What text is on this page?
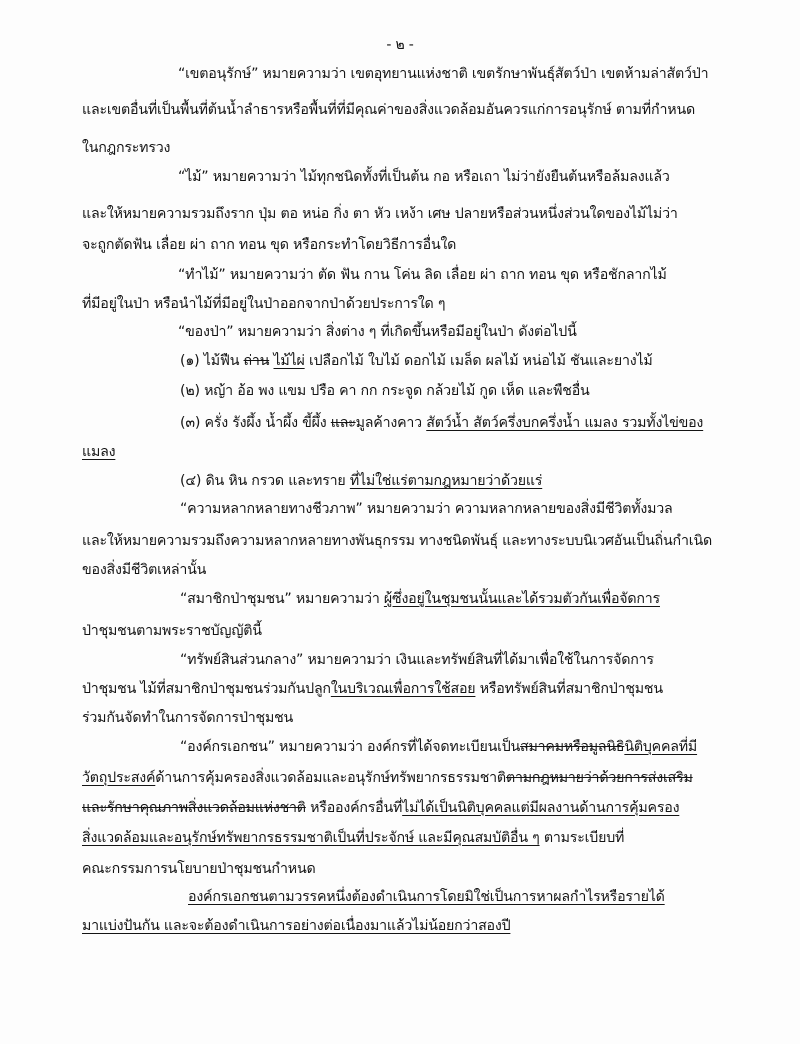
- ๒ -
“เขตอนุรักษ์” หมายความว่า เขตอุทยานแห่งชาติ เขตรักษาพันธุ์สัตว์ป่า เขตห้ามล่าสัตว์ป่า
และเขตอื่นที่เป็นพื้นที่ต้นน้ำลำธารหรือพื้นที่ที่มีคุณค่าของสิ่งแวดล้อมอันควรแก่การอนุรักษ์ ตามที่กำหนด
ในกฎกระทรวง
“ไม้” หมายความว่า ไม้ทุกชนิดทั้งที่เป็นต้น กอ หรือเถา ไม่ว่ายังยืนต้นหรือล้มลงแล้ว
และให้หมายความรวมถึงราก ปุ่ม ตอ หน่อ กิ่ง ตา หัว เหง้า เศษ ปลายหรือส่วนหนึ่งส่วนใดของไม้ไม่ว่า
จะถูกตัดฟัน เลื่อย ผ่า ถาก ทอน ขุด หรือกระทำโดยวิธีการอื่นใด
“ทำไม้” หมายความว่า ตัด ฟัน กาน โค่น ลิด เลื่อย ผ่า ถาก ทอน ขุด หรือชักลากไม้
ที่มีอยู่ในป่า หรือนำไม้ที่มีอยู่ในป่าออกจากป่าด้วยประการใด ๆ
“ของป่า” หมายความว่า สิ่งต่าง ๆ ที่เกิดขึ้นหรือมีอยู่ในป่า ดังต่อไปนี้
(๑) ไม้ฟืน ถ่าน ไม้ไผ่ เปลือกไม้ ใบไม้ ดอกไม้ เมล็ด ผลไม้ หน่อไม้ ชันและยางไม้
(๒) หญ้า อ้อ พง แขม ปรือ คา กก กระจูด กล้วยไม้ กูด เห็ด และพืชอื่น
(๓) ครั่ง รังผึ้ง น้ำผึ้ง ขี้ผึ้ง และมูลค้างคาว สัตว์น้ำ สัตว์ครึ่งบกครึ่งน้ำ แมลง รวมทั้งไข่ของ
แมลง
(๔) ดิน หิน กรวด และทราย ที่ไม่ใช่แร่ตามกฎหมายว่าด้วยแร่
“ความหลากหลายทางชีวภาพ” หมายความว่า ความหลากหลายของสิ่งมีชีวิตทั้งมวล
และให้หมายความรวมถึงความหลากหลายทางพันธุกรรม ทางชนิดพันธุ์ และทางระบบนิเวศอันเป็นถิ่นกำเนิด
ของสิ่งมีชีวิตเหล่านั้น
“สมาชิกป่าชุมชน” หมายความว่า ผู้ซึ่งอยู่ในชุมชนนั้นและได้รวมตัวกันเพื่อจัดการ
ป่าชุมชนตามพระราชบัญญัตินี้
“ทรัพย์สินส่วนกลาง” หมายความว่า เงินและทรัพย์สินที่ได้มาเพื่อใช้ในการจัดการ
ป่าชุมชน ไม้ที่สมาชิกป่าชุมชนร่วมกันปลูกในบริเวณเพื่อการใช้สอย หรือทรัพย์สินที่สมาชิกป่าชุมชน
ร่วมกันจัดทำในการจัดการป่าชุมชน
“องค์กรเอกชน” หมายความว่า องค์กรที่ได้จดทะเบียนเป็นสมาคมหรือมูลนิธินิติบุคคลที่มี
วัตถุประสงค์ด้านการคุ้มครองสิ่งแวดล้อมและอนุรักษ์ทรัพยากรธรรมชาติตามกฎหมายว่าด้วยการส่งเสริม
และรักษาคุณภาพสิ่งแวดล้อมแห่งชาติ หรือองค์กรอื่นที่ไม่ได้เป็นนิติบุคคลแต่มีผลงานด้านการคุ้มครอง
สิ่งแวดล้อมและอนุรักษ์ทรัพยากรธรรมชาติเป็นที่ประจักษ์ และมีคุณสมบัติอื่น ๆ ตามระเบียบที่
คณะกรรมการนโยบายป่าชุมชนกำหนด
องค์กรเอกชนตามวรรคหนึ่งต้องดำเนินการโดยมิใช่เป็นการหาผลกำไรหรือรายได้
มาแบ่งปันกัน และจะต้องดำเนินการอย่างต่อเนื่องมาแล้วไม่น้อยกว่าสองปี
